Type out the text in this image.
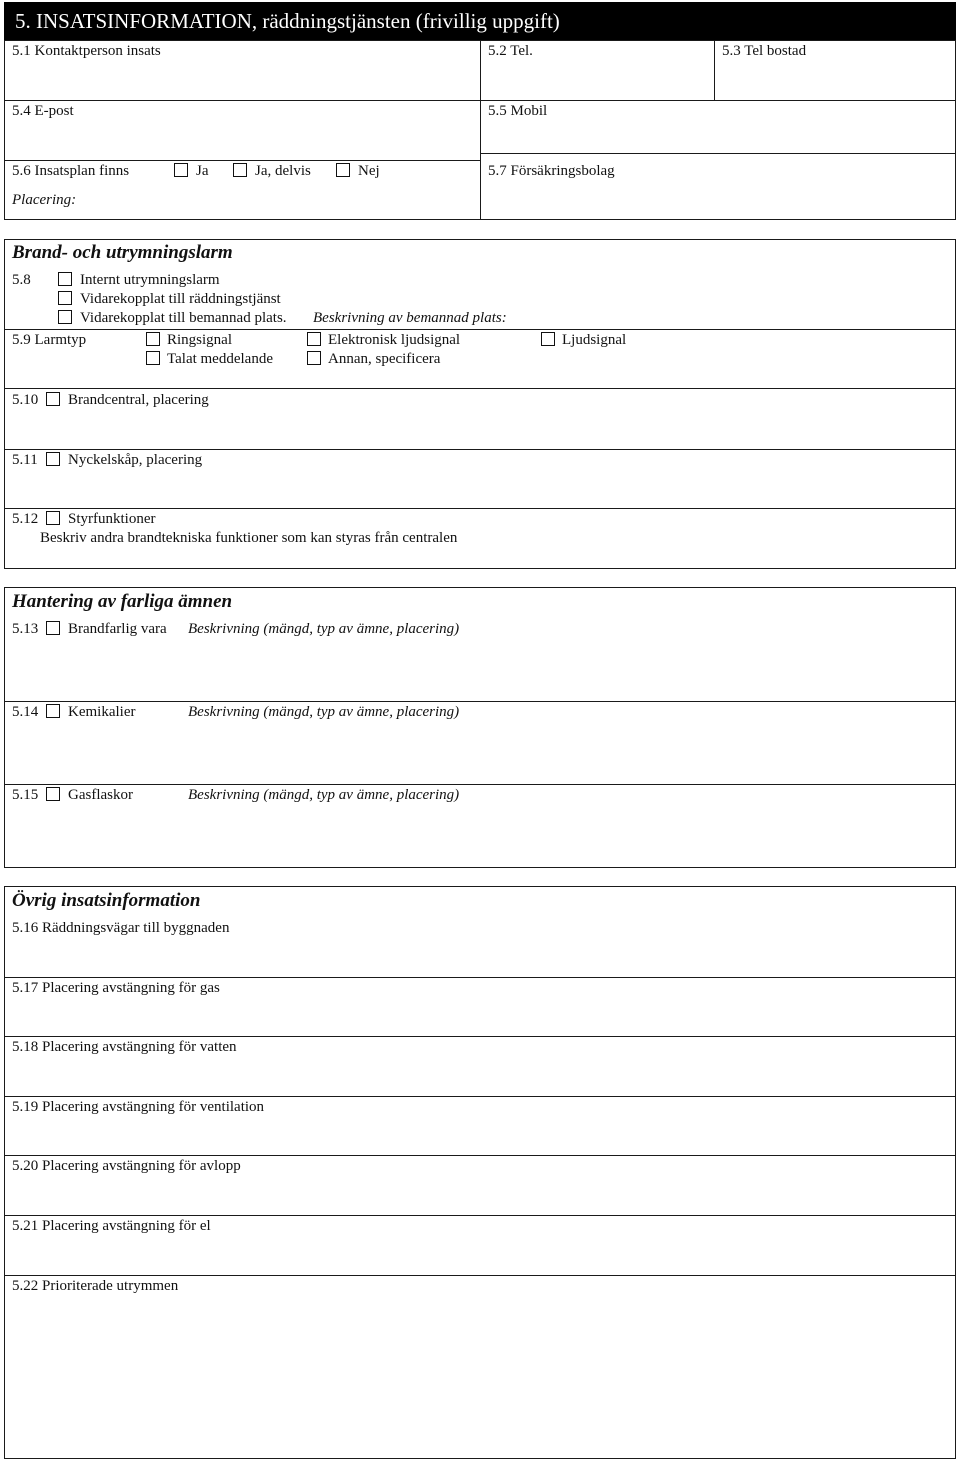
5. INSATSINFORMATION, räddningstjänsten (frivillig uppgift)
5.1 Kontaktperson insats	5.2 Tel.	5.3 Tel bostad
5.4 E-post	5.5 Mobil
5.6 Insatsplan finns	Ja	Ja, delvis	Nej
Placering:
5.7 Försäkringsbolag
Brand- och utrymningslarm
5.8	Internt utrymningslarm
Vidarekopplat till räddningstjänst
Vidarekopplat till bemannad plats. Beskrivning av bemannad plats:
5.9 Larmtyp	Ringsignal	Elektronisk ljudsignal	Ljudsignal
Talat meddelande	Annan, specificera
5.10 Brandcentral, placering
5.11 Nyckelskåp, placering
5.12 Styrfunktioner
Beskriv andra brandtekniska funktioner som kan styras från centralen
Hantering av farliga ämnen
5.13 Brandfarlig vara Beskrivning (mängd, typ av ämne, placering)
5.14 Kemikalier	Beskrivning (mängd, typ av ämne, placering)
5.15 Gasflaskor	Beskrivning (mängd, typ av ämne, placering)
Övrig insatsinformation
5.16 Räddningsvägar till byggnaden
5.17 Placering avstängning för gas
5.18 Placering avstängning för vatten
5.19 Placering avstängning för ventilation
5.20 Placering avstängning för avlopp
5.21 Placering avstängning för el
5.22 Prioriterade utrymmen
